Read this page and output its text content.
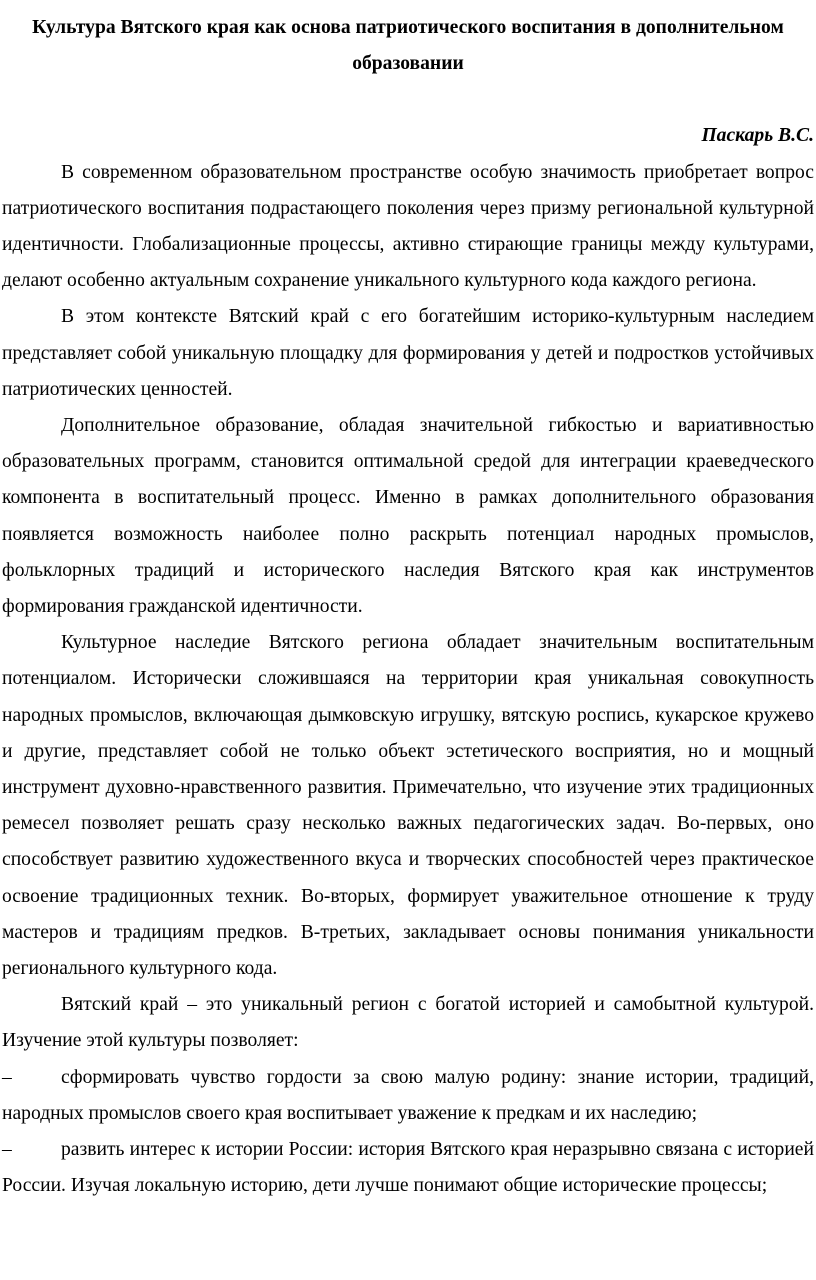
Культура Вятского края как основа патриотического воспитания в дополнительном образовании

Паскарь В.С.

В современном образовательном пространстве особую значимость приобретает вопрос патриотического воспитания подрастающего поколения через призму региональной культурной идентичности. Глобализационные процессы, активно стирающие границы между культурами, делают особенно актуальным сохранение уникального культурного кода каждого региона.

В этом контексте Вятский край с его богатейшим историко-культурным наследием представляет собой уникальную площадку для формирования у детей и подростков устойчивых патриотических ценностей.

Дополнительное образование, обладая значительной гибкостью и вариативностью образовательных программ, становится оптимальной средой для интеграции краеведческого компонента в воспитательный процесс. Именно в рамках дополнительного образования появляется возможность наиболее полно раскрыть потенциал народных промыслов, фольклорных традиций и исторического наследия Вятского края как инструментов формирования гражданской идентичности.

Культурное наследие Вятского региона обладает значительным воспитательным потенциалом. Исторически сложившаяся на территории края уникальная совокупность народных промыслов, включающая дымковскую игрушку, вятскую роспись, кукарское кружево и другие, представляет собой не только объект эстетического восприятия, но и мощный инструмент духовно-нравственного развития. Примечательно, что изучение этих традиционных ремесел позволяет решать сразу несколько важных педагогических задач. Во-первых, оно способствует развитию художественного вкуса и творческих способностей через практическое освоение традиционных техник. Во-вторых, формирует уважительное отношение к труду мастеров и традициям предков. В-третьих, закладывает основы понимания уникальности регионального культурного кода.

Вятский край – это уникальный регион с богатой историей и самобытной культурой. Изучение этой культуры позволяет:

–	сформировать чувство гордости за свою малую родину: знание истории, традиций, народных промыслов своего края воспитывает уважение к предкам и их наследию;

–	развить интерес к истории России: история Вятского края неразрывно связана с историей России. Изучая локальную историю, дети лучше понимают общие исторические процессы;
